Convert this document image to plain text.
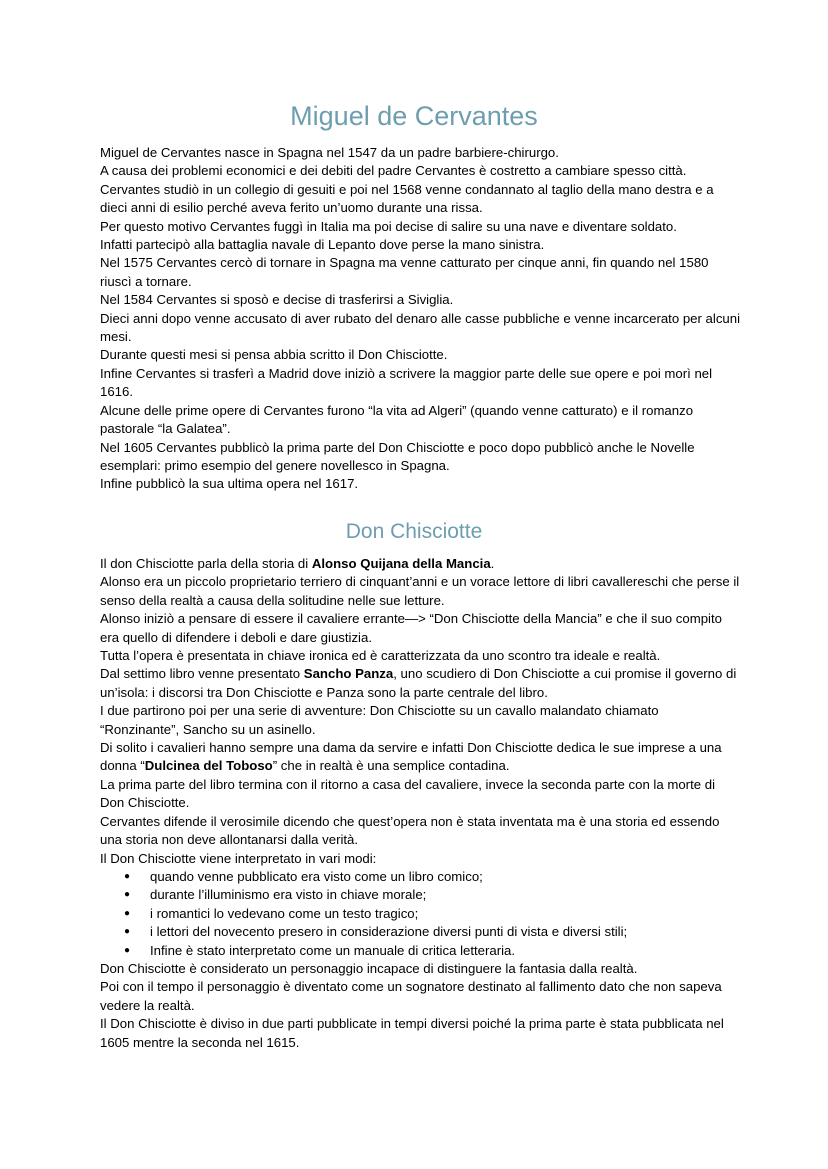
Miguel de Cervantes

Miguel de Cervantes nasce in Spagna nel 1547 da un padre barbiere-chirurgo.

A causa dei problemi economici e dei debiti del padre Cervantes è costretto a cambiare spesso città.

Cervantes studiò in un collegio di gesuiti e poi nel 1568 venne condannato al taglio della mano destra e a dieci anni di esilio perché aveva ferito un’uomo durante una rissa.

Per questo motivo Cervantes fuggì in Italia ma poi decise di salire su una nave e diventare soldato.

Infatti partecipò alla battaglia navale di Lepanto dove perse la mano sinistra.

Nel 1575 Cervantes cercò di tornare in Spagna ma venne catturato per cinque anni, fin quando nel 1580 riuscì a tornare.

Nel 1584 Cervantes si sposò e decise di trasferirsi a Siviglia.

Dieci anni dopo venne accusato di aver rubato del denaro alle casse pubbliche e venne incarcerato per alcuni mesi.

Durante questi mesi si pensa abbia scritto il Don Chisciotte.

Infine Cervantes si trasferì a Madrid dove iniziò a scrivere la maggior parte delle sue opere e poi morì nel 1616.

Alcune delle prime opere di Cervantes furono “la vita ad Algeri” (quando venne catturato) e il romanzo pastorale “la Galatea”.

Nel 1605 Cervantes pubblicò la prima parte del Don Chisciotte e poco dopo pubblicò anche le Novelle esemplari: primo esempio del genere novellesco in Spagna.

Infine pubblicò la sua ultima opera nel 1617.

Don Chisciotte

Il don Chisciotte parla della storia di Alonso Quijana della Mancia.

Alonso era un piccolo proprietario terriero di cinquant’anni e un vorace lettore di libri cavallereschi che perse il senso della realtà a causa della solitudine nelle sue letture.

Alonso iniziò a pensare di essere il cavaliere errante—> “Don Chisciotte della Mancia” e che il suo compito era quello di difendere i deboli e dare giustizia.

Tutta l’opera è presentata in chiave ironica ed è caratterizzata da uno scontro tra ideale e realtà.

Dal settimo libro venne presentato Sancho Panza, uno scudiero di Don Chisciotte a cui promise il governo di un’isola: i discorsi tra Don Chisciotte e Panza sono la parte centrale del libro.

I due partirono poi per una serie di avventure: Don Chisciotte su un cavallo malandato chiamato “Ronzinante”, Sancho su un asinello.

Di solito i cavalieri hanno sempre una dama da servire e infatti Don Chisciotte dedica le sue imprese a una donna “Dulcinea del Toboso” che in realtà è una semplice contadina.

La prima parte del libro termina con il ritorno a casa del cavaliere, invece la seconda parte con la morte di Don Chisciotte.

Cervantes difende il verosimile dicendo che quest’opera non è stata inventata ma è una storia ed essendo una storia non deve allontanarsi dalla verità.

Il Don Chisciotte viene interpretato in vari modi:

● quando venne pubblicato era visto come un libro comico;
● durante l’illuminismo era visto in chiave morale;
● i romantici lo vedevano come un testo tragico;
● i lettori del novecento presero in considerazione diversi punti di vista e diversi stili;
● Infine è stato interpretato come un manuale di critica letteraria.

Don Chisciotte è considerato un personaggio incapace di distinguere la fantasia dalla realtà.

Poi con il tempo il personaggio è diventato come un sognatore destinato al fallimento dato che non sapeva vedere la realtà.

Il Don Chisciotte è diviso in due parti pubblicate in tempi diversi poiché la prima parte è stata pubblicata nel 1605 mentre la seconda nel 1615.
